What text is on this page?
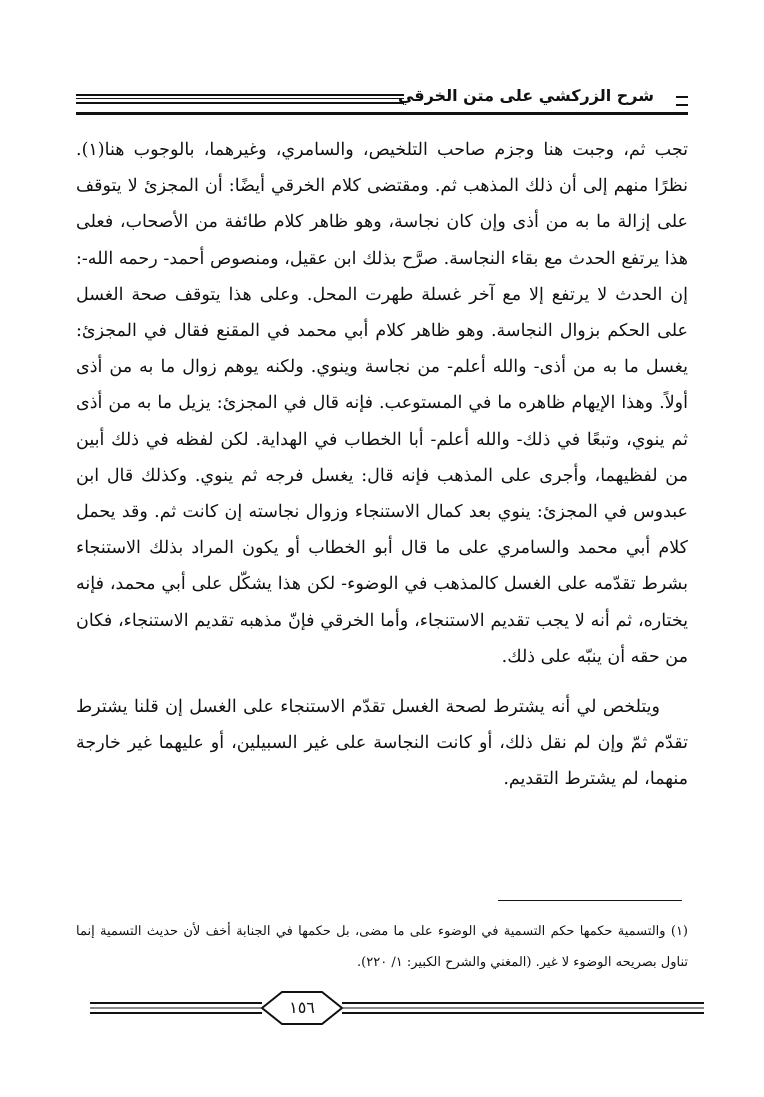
شرح الزركشي على متن الخرقي

تجب ثم، وجبت هنا وجزم صاحب التلخيص، والسامري، وغيرهما، بالوجوب هنا(١). نظرًا منهم إلى أن ذلك المذهب ثم. ومقتضى كلام الخرقي أيضًا: أن المجزئ لا يتوقف على إزالة ما به من أذى وإن كان نجاسة، وهو ظاهر كلام طائفة من الأصحاب، فعلى هذا يرتفع الحدث مع بقاء النجاسة. صرَّح بذلك ابن عقيل، ومنصوص أحمد- رحمه الله-: إن الحدث لا يرتفع إلا مع آخر غسلة طهرت المحل. وعلى هذا يتوقف صحة الغسل على الحكم بزوال النجاسة. وهو ظاهر كلام أبي محمد في المقنع فقال في المجزئ: يغسل ما به من أذى- والله أعلم- من نجاسة وينوي. ولكنه يوهم زوال ما به من أذى أولاً. وهذا الإيهام ظاهره ما في المستوعب. فإنه قال في المجزئ: يزيل ما به من أذى ثم ينوي، وتبعًا في ذلك- والله أعلم- أبا الخطاب في الهداية. لكن لفظه في ذلك أبين من لفظيهما، وأجرى على المذهب فإنه قال: يغسل فرجه ثم ينوي. وكذلك قال ابن عبدوس في المجزئ: ينوي بعد كمال الاستنجاء وزوال نجاسته إن كانت ثم. وقد يحمل كلام أبي محمد والسامري على ما قال أبو الخطاب أو يكون المراد بذلك الاستنجاء بشرط تقدّمه على الغسل كالمذهب في الوضوء- لكن هذا يشكّل على أبي محمد، فإنه يختاره، ثم أنه لا يجب تقديم الاستنجاء، وأما الخرقي فإنّ مذهبه تقديم الاستنجاء، فكان من حقه أن ينبّه على ذلك.

ويتلخص لي أنه يشترط لصحة الغسل تقدّم الاستنجاء على الغسل إن قلنا يشترط تقدّم ثمّ وإن لم نقل ذلك، أو كانت النجاسة على غير السبيلين، أو عليهما غير خارجة منهما، لم يشترط التقديم.

(١) والتسمية حكمها حكم التسمية في الوضوء على ما مضى، بل حكمها في الجنابة أخف لأن حديث التسمية إنما تناول بصريحه الوضوء لا غير. (المغني والشرح الكبير: ١/ ٢٢٠).

١٥٦
